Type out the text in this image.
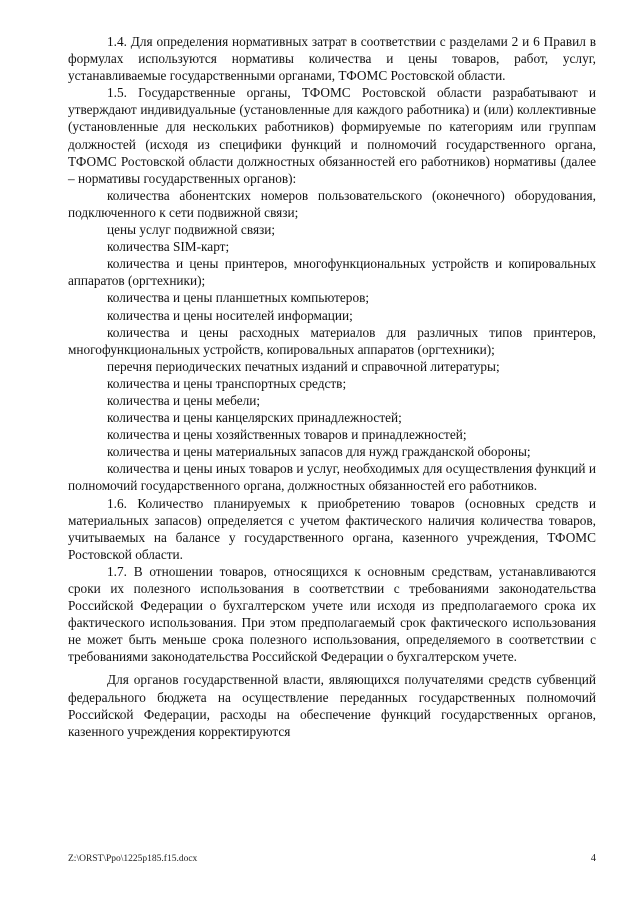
1.4. Для определения нормативных затрат в соответствии с разделами 2 и 6 Правил в формулах используются нормативы количества и цены товаров, работ, услуг, устанавливаемые государственными органами, ТФОМС Ростовской области.

1.5. Государственные органы, ТФОМС Ростовской области разрабатывают и утверждают индивидуальные (установленные для каждого работника) и (или) коллективные (установленные для нескольких работников) формируемые по категориям или группам должностей (исходя из специфики функций и полномочий государственного органа, ТФОМС Ростовской области должностных обязанностей его работников) нормативы (далее – нормативы государственных органов):

количества абонентских номеров пользовательского (оконечного) оборудования, подключенного к сети подвижной связи;

цены услуг подвижной связи;

количества SIM-карт;

количества и цены принтеров, многофункциональных устройств и копировальных аппаратов (оргтехники);

количества и цены планшетных компьютеров;

количества и цены носителей информации;

количества и цены расходных материалов для различных типов принтеров, многофункциональных устройств, копировальных аппаратов (оргтехники);

перечня периодических печатных изданий и справочной литературы;

количества и цены транспортных средств;

количества и цены мебели;

количества и цены канцелярских принадлежностей;

количества и цены хозяйственных товаров и принадлежностей;

количества и цены материальных запасов для нужд гражданской обороны;

количества и цены иных товаров и услуг, необходимых для осуществления функций и полномочий государственного органа, должностных обязанностей его работников.

1.6. Количество планируемых к приобретению товаров (основных средств и материальных запасов) определяется с учетом фактического наличия количества товаров, учитываемых на балансе у государственного органа, казенного учреждения, ТФОМС Ростовской области.

1.7. В отношении товаров, относящихся к основным средствам, устанавливаются сроки их полезного использования в соответствии с требованиями законодательства Российской Федерации о бухгалтерском учете или исходя из предполагаемого срока их фактического использования. При этом предполагаемый срок фактического использования не может быть меньше срока полезного использования, определяемого в соответствии с требованиями законодательства Российской Федерации о бухгалтерском учете.

Для органов государственной власти, являющихся получателями средств субвенций федерального бюджета на осуществление переданных государственных полномочий Российской Федерации, расходы на обеспечение функций государственных органов, казенного учреждения корректируются

Z:\ORST\Ppo\1225p185.f15.docx	4
